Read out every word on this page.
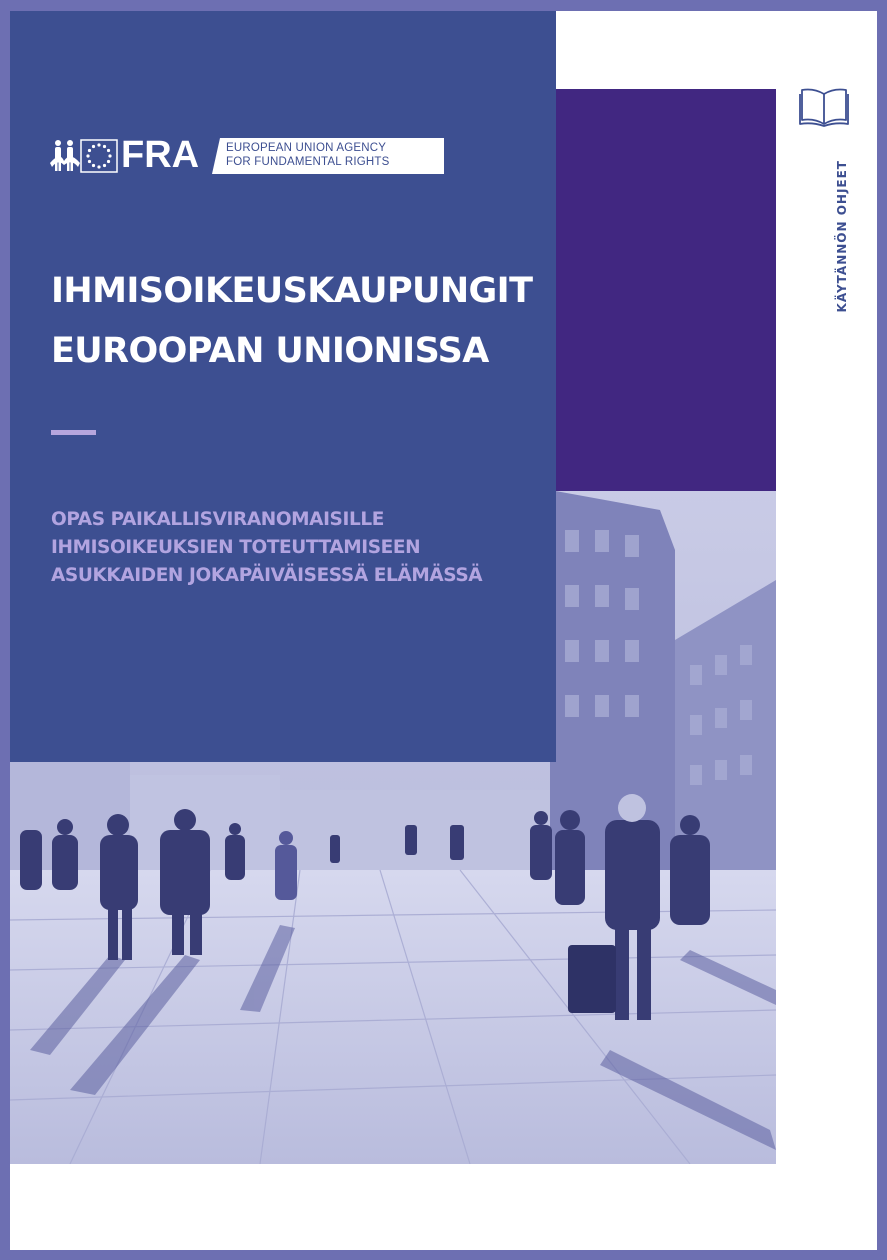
FRA EUROPEAN UNION AGENCY
FOR FUNDAMENTAL RIGHTS
IHMISOIKEUSKAUPUNGIT
EUROOPAN UNIONISSA
OPAS PAIKALLISVIRANOMAISILLE
IHMISOIKEUKSIEN TOTEUTTAMISEEN
ASUKKAIDEN JOKAPÄIVÄISESSÄ ELÄMÄSSÄ
KÄYTÄNNÖN OHJEET
